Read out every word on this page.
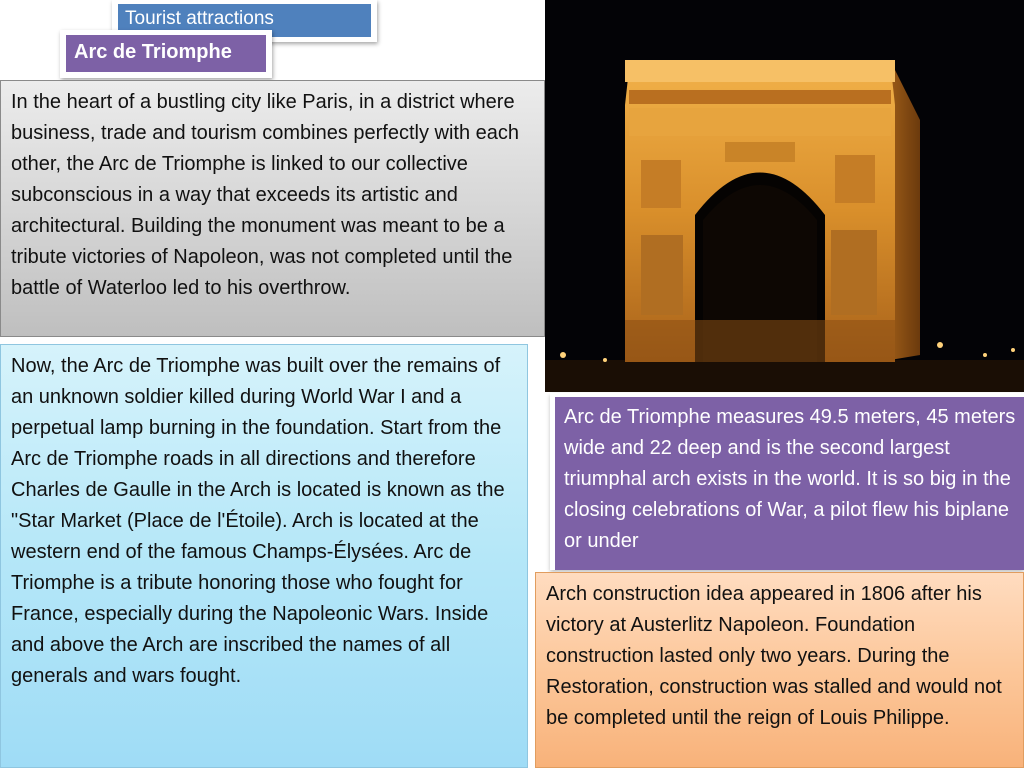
Tourist attractions
Arc de Triomphe
In the heart of a bustling city like Paris, in a district where business, trade and tourism combines perfectly with each other, the Arc de Triomphe is linked to our collective subconscious in a way that exceeds its artistic and architectural. Building the monument was meant to be a tribute victories of Napoleon, was not completed until the battle of Waterloo led to his overthrow.
Now, the Arc de Triomphe was built over the remains of an unknown soldier killed during World War I and a perpetual lamp burning in the foundation. Start from the Arc de Triomphe roads in all directions and therefore Charles de Gaulle in the Arch is located is known as the "Star Market (Place de l'Étoile). Arch is located at the western end of the famous Champs-Élysées. Arc de Triomphe is a tribute honoring those who fought for France, especially during the Napoleonic Wars. Inside and above the Arch are inscribed the names of all generals and wars fought.
Arc de Triomphe measures 49.5 meters, 45 meters wide and 22 deep and is the second largest triumphal arch exists in the world. It is so big in the closing celebrations of War, a pilot flew his biplane or under
Arch construction idea appeared in 1806 after his victory at Austerlitz Napoleon. Foundation construction lasted only two years. During the Restoration, construction was stalled and would not be completed until the reign of Louis Philippe.
